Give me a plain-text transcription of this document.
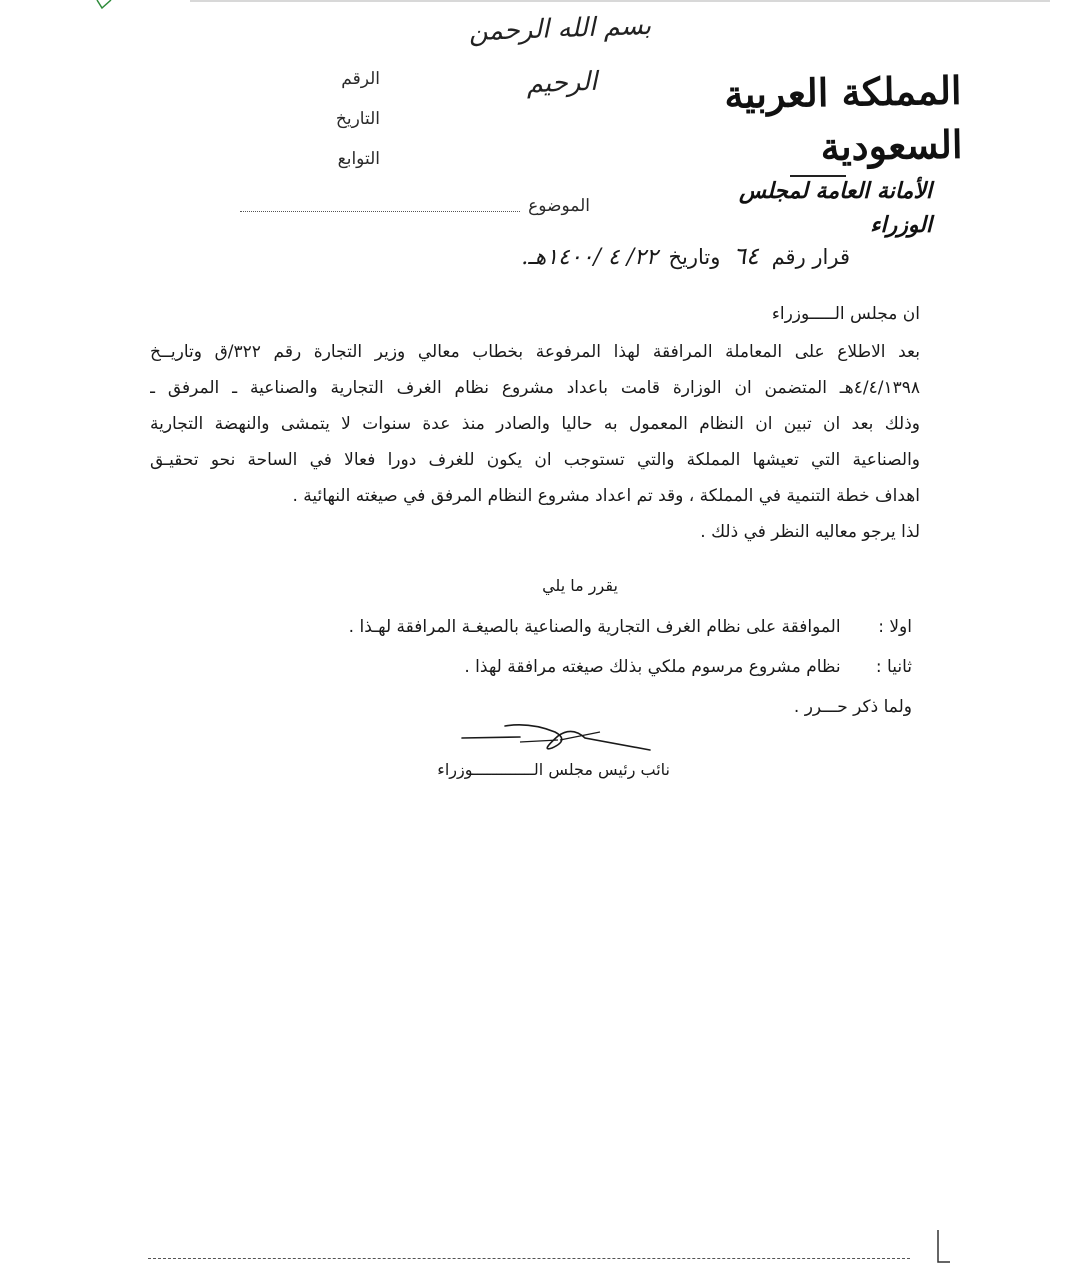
بسم الله الرحمن الرحيم	المملكة العربية السعودية
الأمانة العامة لمجلس الوزراء
الرقم
التاريخ
التوابع
الموضوع
قرار رقم ٦٤ وتاريخ ٢٢/ ٤ /١٤٠٠هـ.
ان مجلس الـــــوزراء
بعد الاطلاع على المعاملة المرافقة لهذا المرفوعة بخطاب معالي وزير التجارة رقم ٣٢٢/ق وتاريــخ
٤/٤/١٣٩٨هـ المتضمن ان الوزارة قامت باعداد مشروع نظام الغرف التجارية والصناعية ـ المرفق ـ
وذلك بعد ان تبين ان النظام المعمول به حاليا والصادر منذ عدة سنوات لا يتمشى والنهضة التجارية
والصناعية التي تعيشها المملكة والتي تستوجب ان يكون للغرف دورا فعالا في الساحة نحو تحقيـق
اهداف خطة التنمية في المملكة ، وقد تم اعداد مشروع النظام المرفق في صيغته النهائية .
لذا يرجو معاليه النظر في ذلك .
يقرر ما يلي
اولا : الموافقة على نظام الغرف التجارية والصناعية بالصيغـة المرافقة لهـذا .
ثانيا : نظام مشروع مرسوم ملكي بذلك صيغته مرافقة لهذا .
ولما ذكر حـــرر .
نائب رئيس مجلس الـــــــــــــوزراء
